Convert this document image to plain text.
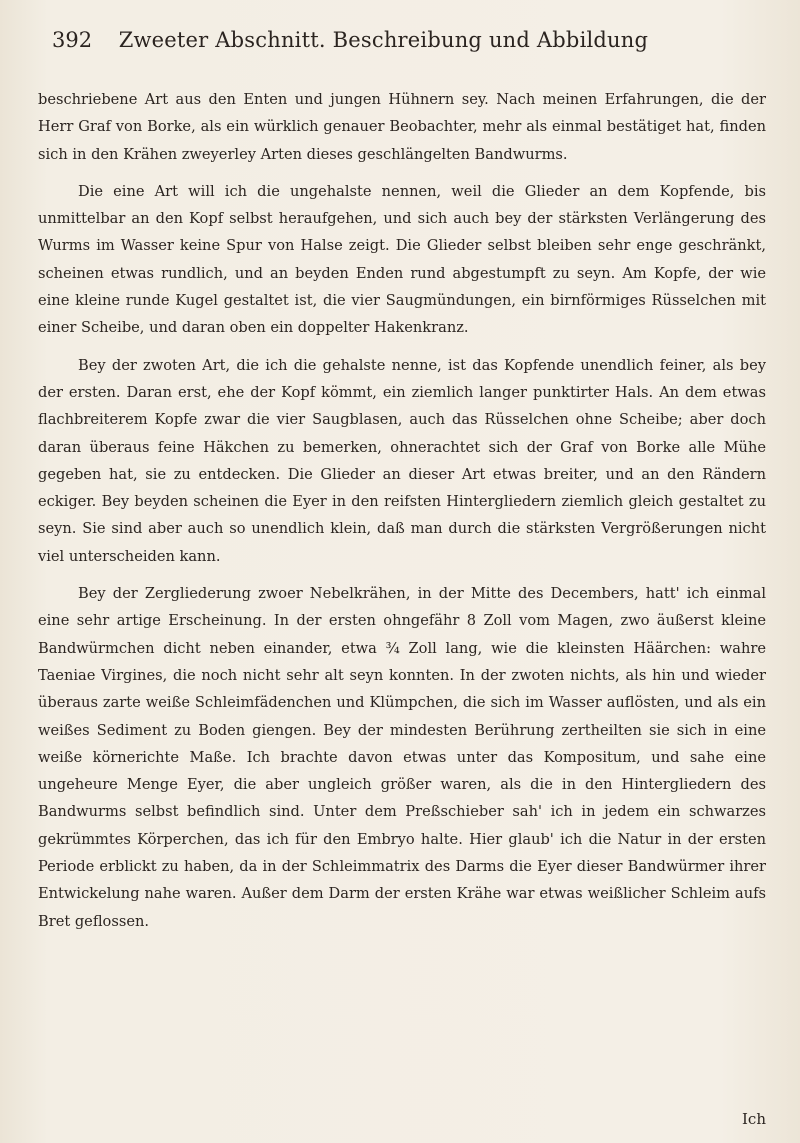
392 Zweeter Abschnitt. Beschreibung und Abbildung

beschriebene Art aus den Enten und jungen Hühnern sey. Nach meinen Erfahrungen, die der Herr Graf von Borke, als ein würklich genauer Beobachter, mehr als einmal bestätiget hat, finden sich in den Krähen zweyerley Arten dieses geschlängelten Bandwurms.

Die eine Art will ich die ungehalste nennen, weil die Glieder an dem Kopfende, bis unmittelbar an den Kopf selbst heraufgehen, und sich auch bey der stärksten Verlängerung des Wurms im Wasser keine Spur von Halse zeigt. Die Glieder selbst bleiben sehr enge geschränkt, scheinen etwas rundlich, und an beyden Enden rund abgestumpft zu seyn. Am Kopfe, der wie eine kleine runde Kugel gestaltet ist, die vier Saugmündungen, ein birnförmiges Rüsselchen mit einer Scheibe, und daran oben ein doppelter Hakenkranz.

Bey der zwoten Art, die ich die gehalste nenne, ist das Kopfende unendlich feiner, als bey der ersten. Daran erst, ehe der Kopf kömmt, ein ziemlich langer punktirter Hals. An dem etwas flachbreiterem Kopfe zwar die vier Saugblasen, auch das Rüsselchen ohne Scheibe; aber doch daran überaus feine Häkchen zu bemerken, ohnerachtet sich der Graf von Borke alle Mühe gegeben hat, sie zu entdecken. Die Glieder an dieser Art etwas breiter, und an den Rändern eckiger. Bey beyden scheinen die Eyer in den reifsten Hintergliedern ziemlich gleich gestaltet zu seyn. Sie sind aber auch so unendlich klein, daß man durch die stärksten Vergrößerungen nicht viel unterscheiden kann.

Bey der Zergliederung zwoer Nebelkrähen, in der Mitte des Decembers, hatt' ich einmal eine sehr artige Erscheinung. In der ersten ohngefähr 8 Zoll vom Magen, zwo äußerst kleine Bandwürmchen dicht neben einander, etwa ¾ Zoll lang, wie die kleinsten Häärchen: wahre Taeniae Virgines, die noch nicht sehr alt seyn konnten. In der zwoten nichts, als hin und wieder überaus zarte weiße Schleimfädenchen und Klümpchen, die sich im Wasser auflösten, und als ein weißes Sediment zu Boden giengen. Bey der mindesten Berührung zertheilten sie sich in eine weiße körnerichte Maße. Ich brachte davon etwas unter das Kompositum, und sahe eine ungeheure Menge Eyer, die aber ungleich größer waren, als die in den Hintergliedern des Bandwurms selbst befindlich sind. Unter dem Preßschieber sah' ich in jedem ein schwarzes gekrümmtes Körperchen, das ich für den Embryo halte. Hier glaub' ich die Natur in der ersten Periode erblickt zu haben, da in der Schleimmatrix des Darms die Eyer dieser Bandwürmer ihrer Entwickelung nahe waren. Außer dem Darm der ersten Krähe war etwas weißlicher Schleim aufs Bret geflossen.

Ich
